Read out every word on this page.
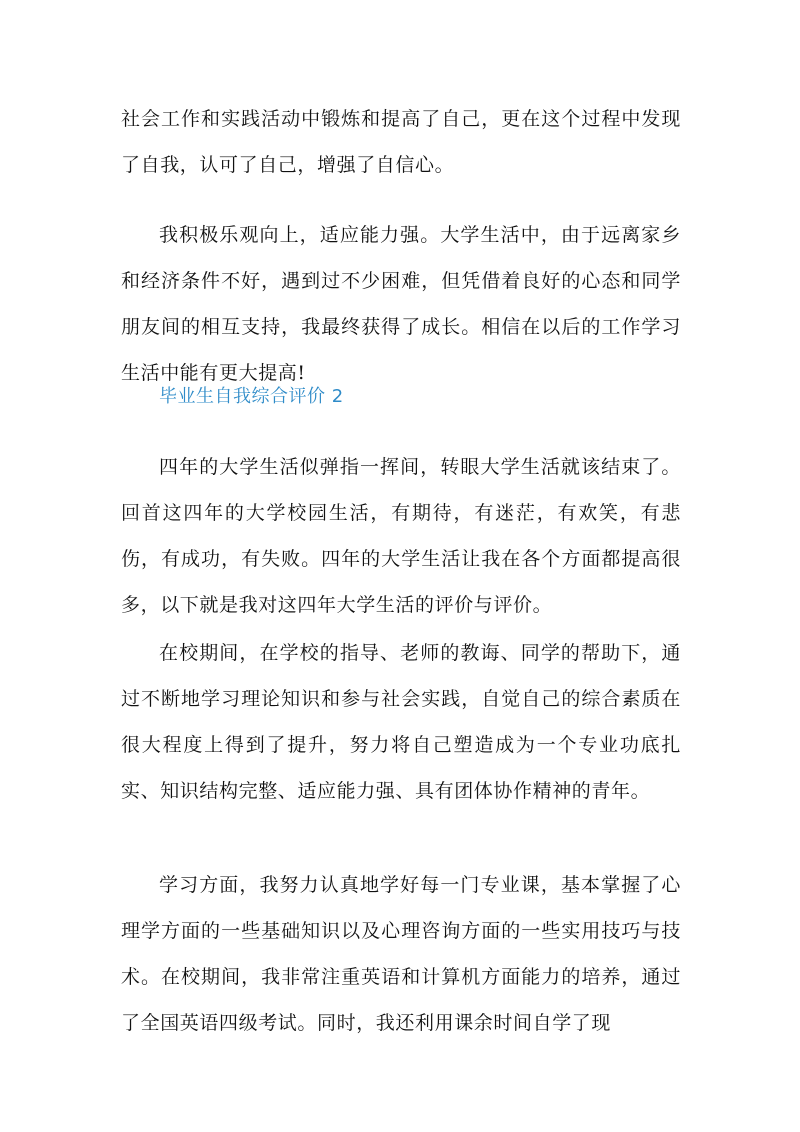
社会工作和实践活动中锻炼和提高了自己，更在这个过程中发现了自我，认可了自己，增强了自信心。

我积极乐观向上，适应能力强。大学生活中，由于远离家乡和经济条件不好，遇到过不少困难，但凭借着良好的心态和同学朋友间的相互支持，我最终获得了成长。相信在以后的工作学习生活中能有更大提高!

毕业生自我综合评价 2

四年的大学生活似弹指一挥间，转眼大学生活就该结束了。回首这四年的大学校园生活，有期待，有迷茫，有欢笑，有悲伤，有成功，有失败。四年的大学生活让我在各个方面都提高很多，以下就是我对这四年大学生活的评价与评价。

在校期间，在学校的指导、老师的教诲、同学的帮助下，通过不断地学习理论知识和参与社会实践，自觉自己的综合素质在很大程度上得到了提升，努力将自己塑造成为一个专业功底扎实、知识结构完整、适应能力强、具有团体协作精神的青年。

学习方面，我努力认真地学好每一门专业课，基本掌握了心理学方面的一些基础知识以及心理咨询方面的一些实用技巧与技术。在校期间，我非常注重英语和计算机方面能力的培养，通过了全国英语四级考试。同时，我还利用课余时间自学了现
